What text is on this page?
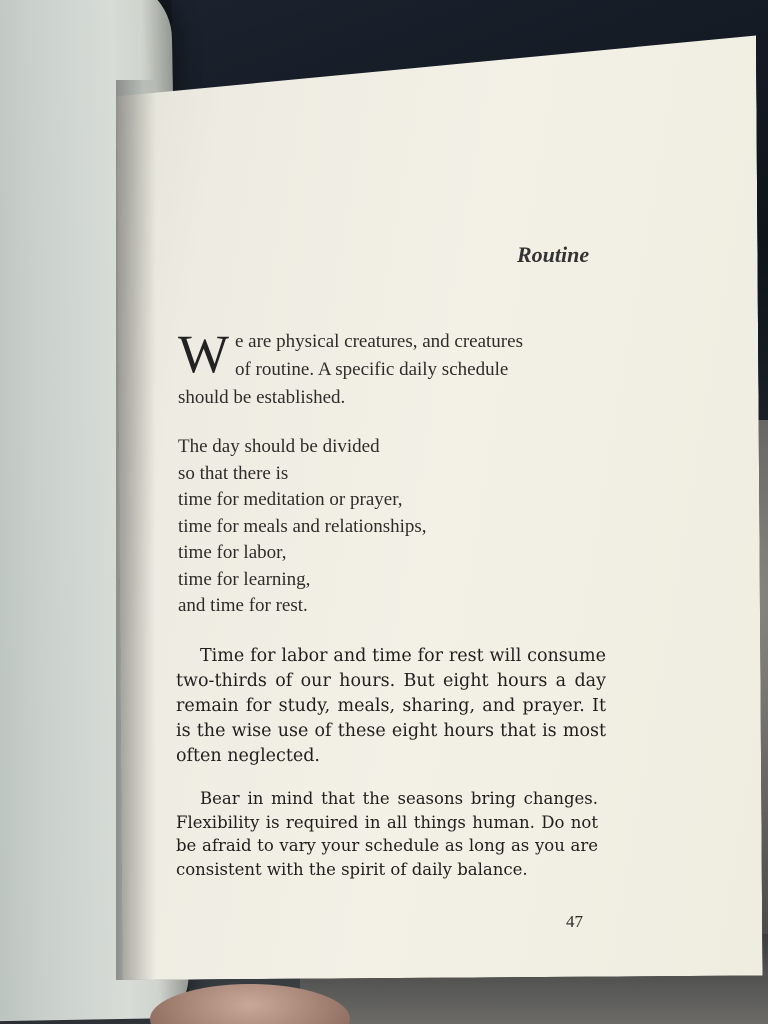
Routine
W e are physical creatures, and creatures
of routine. A specific daily schedule
should be established.
The day should be divided
so that there is
time for meditation or prayer,
time for meals and relationships,
time for labor,
time for learning,
and time for rest.
Time for labor and time for rest will consume two-thirds of our hours. But eight hours a day remain for study, meals, sharing, and prayer. It is the wise use of these eight hours that is most often neglected.
Bear in mind that the seasons bring changes. Flexibility is required in all things human. Do not be afraid to vary your schedule as long as you are consistent with the spirit of daily balance.
47
